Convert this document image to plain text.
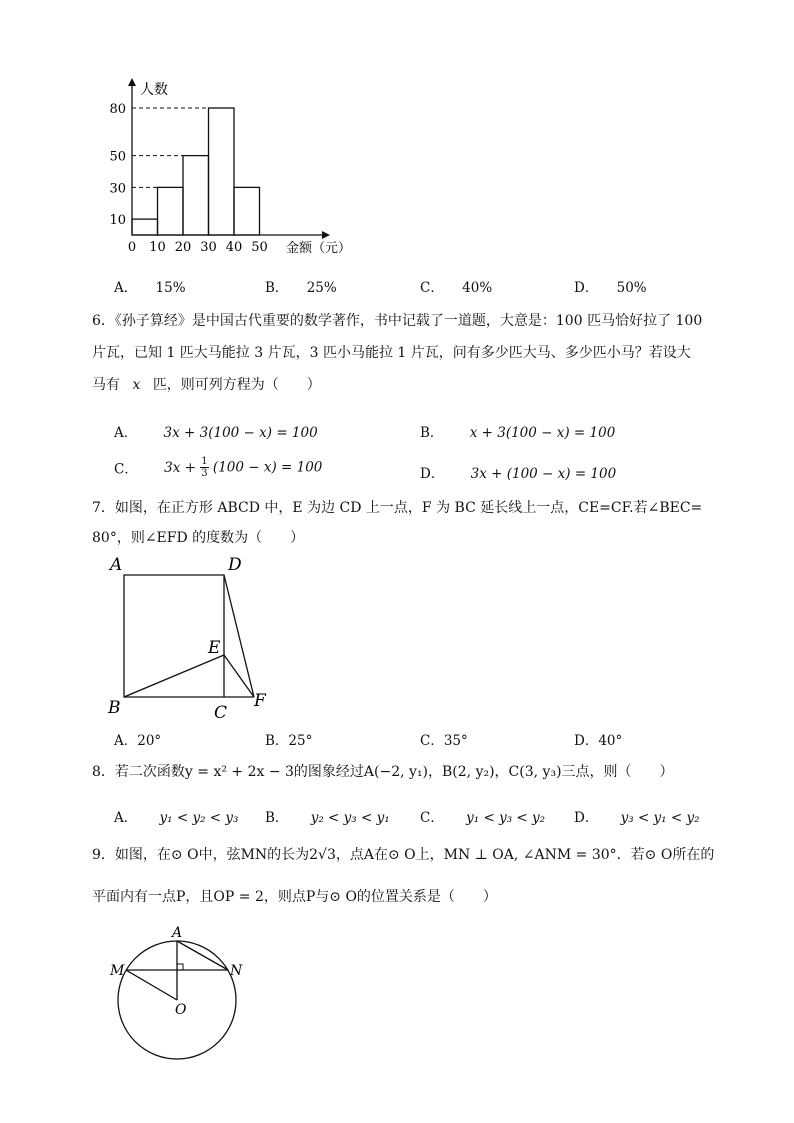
10
30
50
80
0 10 20 30 40 50
人数
金额（元）
A． 15%	B． 25%	C． 40%	D． 50%
6．《孙子算经》是中国古代重要的数学著作，书中记载了一道题，大意是：100 匹马恰好拉了 100
片瓦，已知 1 匹大马能拉 3 片瓦，3 匹小马能拉 1 片瓦，问有多少匹大马、多少匹小马？若设大
马有 x 匹，则可列方程为（　　）
A． 3x + 3(100 − x) = 100	B． x + 3(100 − x) = 100
C． $3x + \frac{1}{3} (100 - x) = 100$	D． 3x + (100 − x) = 100
7．如图，在正方形 ABCD 中，E 为边 CD 上一点，F 为 BC 延长线上一点，CE=CF.若∠BEC=
80°，则∠EFD 的度数为（　　）
A	D
E
B	C
F
A．20°	B．25°	C．35°	D．40°
8．若二次函数y = x² + 2x − 3的图象经过A(−2, y₁)，B(2, y₂)，C(3, y₃)三点，则（　　）
A． y₁ < y₂ < y₃ B． y₂ < y₃ < y₁ C． y₁ < y₃ < y₂ D． y₃ < y₁ < y₂
9．如图，在⊙ O中，弦MN的长为2√3，点A在⊙ O上，MN ⊥ OA, ∠ANM = 30°．若⊙ O所在的
平面内有一点P，且OP = 2，则点P与⊙ O的位置关系是（　　）
A
M	N
O
